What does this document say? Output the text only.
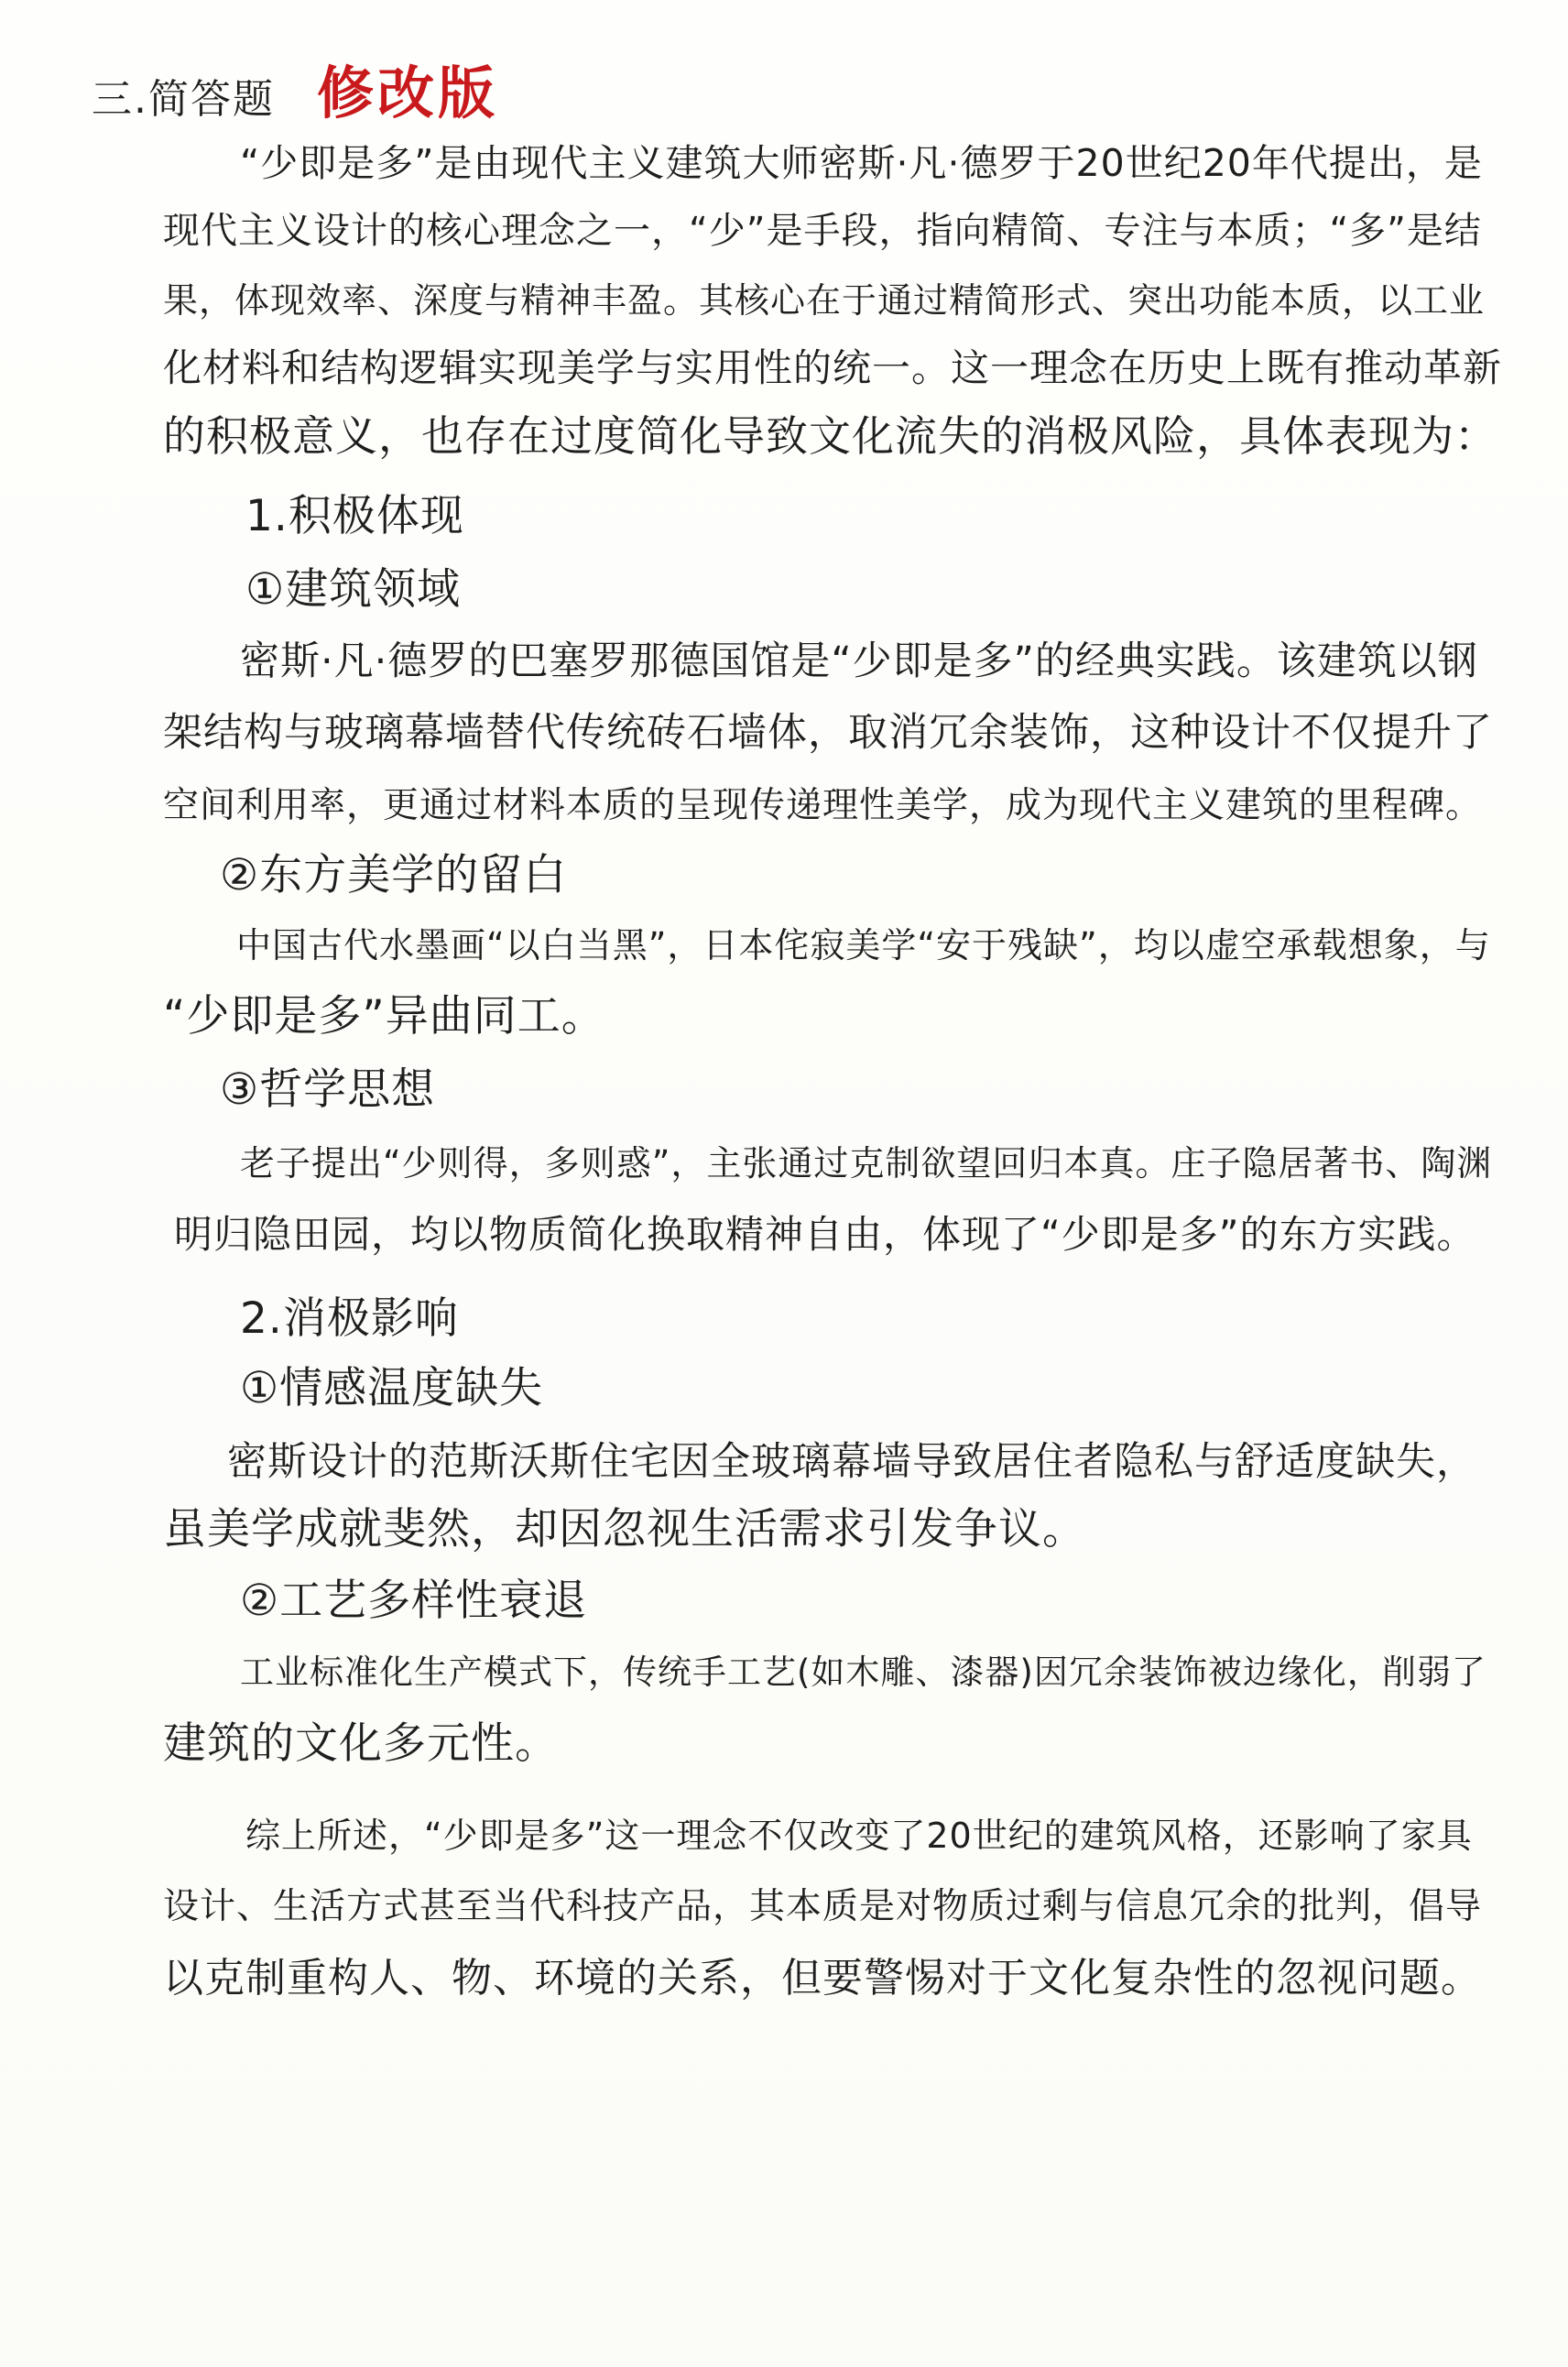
三.简答题 修改版
“少即是多”是由现代主义建筑大师密斯·凡·德罗于20世纪20年代提出，是
现代主义设计的核心理念之一，“少”是手段，指向精简、专注与本质；“多”是结
果，体现效率、深度与精神丰盈。其核心在于通过精简形式、突出功能本质，以工业
化材料和结构逻辑实现美学与实用性的统一。这一理念在历史上既有推动革新
的积极意义，也存在过度简化导致文化流失的消极风险，具体表现为：
1.积极体现
①建筑领域
密斯·凡·德罗的巴塞罗那德国馆是“少即是多”的经典实践。该建筑以钢
架结构与玻璃幕墙替代传统砖石墙体，取消冗余装饰，这种设计不仅提升了
空间利用率，更通过材料本质的呈现传递理性美学，成为现代主义建筑的里程碑。
②东方美学的留白
中国古代水墨画“以白当黑”，日本侘寂美学“安于残缺”，均以虚空承载想象，与
“少即是多”异曲同工。
③哲学思想
老子提出“少则得，多则惑”，主张通过克制欲望回归本真。庄子隐居著书、陶渊
明归隐田园，均以物质简化换取精神自由，体现了“少即是多”的东方实践。
2.消极影响
①情感温度缺失
密斯设计的范斯沃斯住宅因全玻璃幕墙导致居住者隐私与舒适度缺失，
虽美学成就斐然，却因忽视生活需求引发争议。
②工艺多样性衰退
工业标准化生产模式下，传统手工艺(如木雕、漆器)因冗余装饰被边缘化，削弱了
建筑的文化多元性。
综上所述，“少即是多”这一理念不仅改变了20世纪的建筑风格，还影响了家具
设计、生活方式甚至当代科技产品，其本质是对物质过剩与信息冗余的批判，倡导
以克制重构人、物、环境的关系，但要警惕对于文化复杂性的忽视问题。
